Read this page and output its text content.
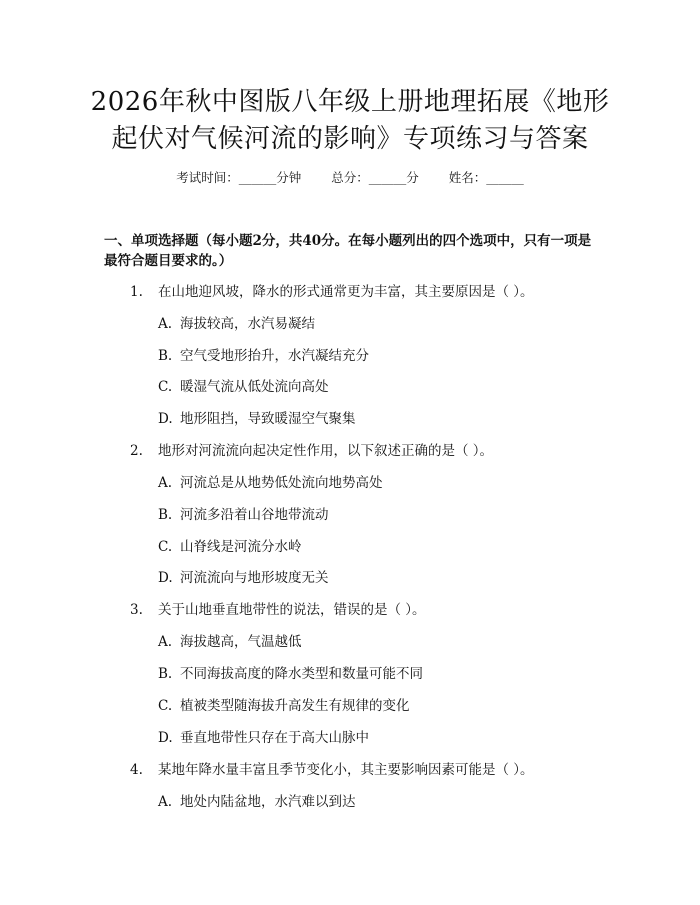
2026年秋中图版八年级上册地理拓展《地形
起伏对气候河流的影响》专项练习与答案
考试时间：______分钟 总分：______分 姓名：______
一、单项选择题（每小题2分，共40分。在每小题列出的四个选项中，只有一项是最符合题目要求的。）
1. 在山地迎风坡，降水的形式通常更为丰富，其主要原因是（ ）。
A. 海拔较高，水汽易凝结
B. 空气受地形抬升，水汽凝结充分
C. 暖湿气流从低处流向高处
D. 地形阻挡，导致暖湿空气聚集
2. 地形对河流流向起决定性作用，以下叙述正确的是（ ）。
A. 河流总是从地势低处流向地势高处
B. 河流多沿着山谷地带流动
C. 山脊线是河流分水岭
D. 河流流向与地形坡度无关
3. 关于山地垂直地带性的说法，错误的是（ ）。
A. 海拔越高，气温越低
B. 不同海拔高度的降水类型和数量可能不同
C. 植被类型随海拔升高发生有规律的变化
D. 垂直地带性只存在于高大山脉中
4. 某地年降水量丰富且季节变化小，其主要影响因素可能是（ ）。
A. 地处内陆盆地，水汽难以到达
